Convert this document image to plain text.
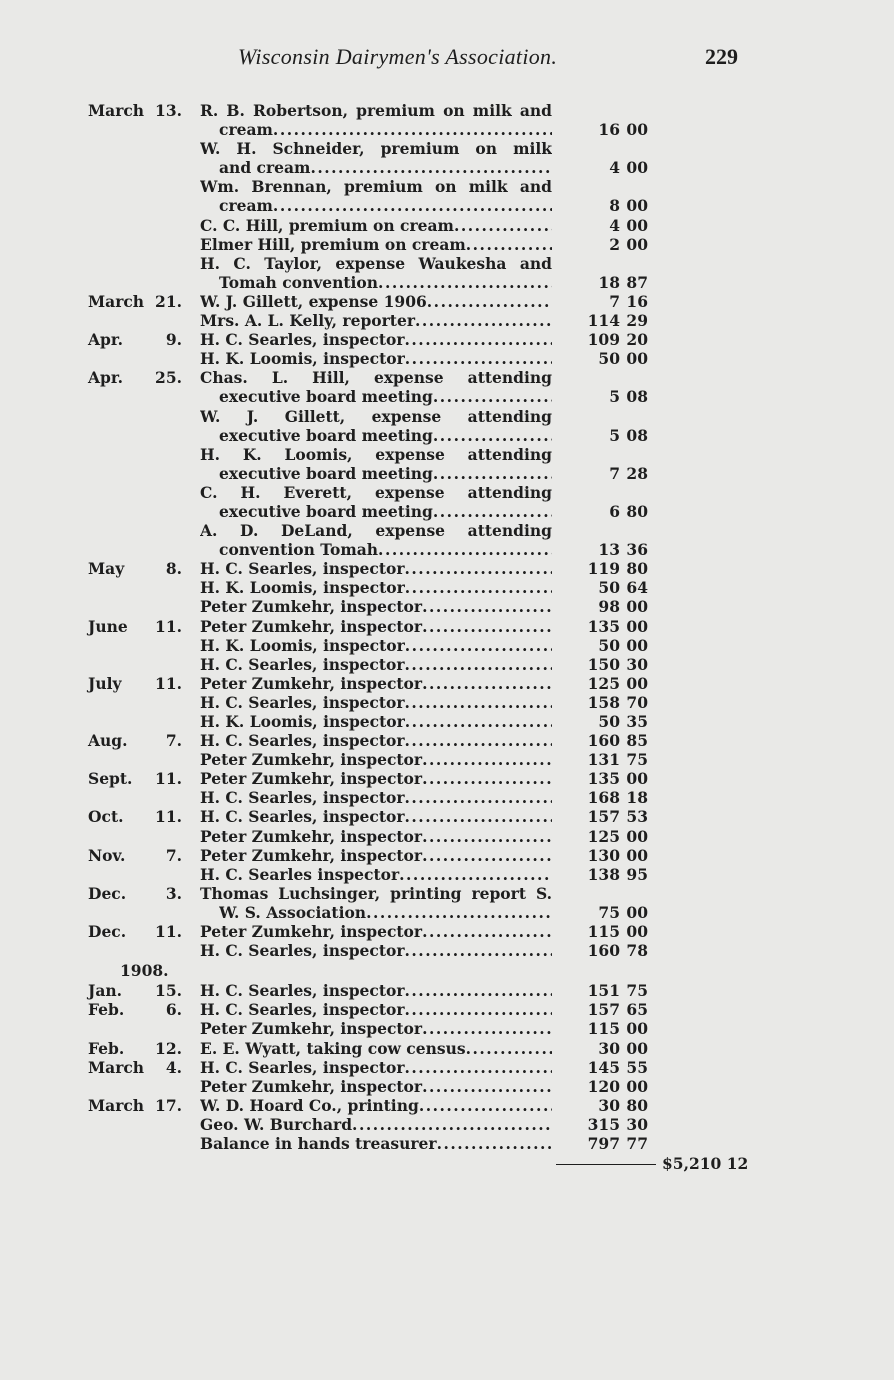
Wisconsin Dairymen's Association.	229
March 13. R. B. Robertson, premium on milk and
cream .....	16 00
W. H. Schneider, premium on milk
and cream .....	4 00
Wm. Brennan, premium on milk and
cream .....	8 00
C. C. Hill, premium on cream .....	4 00
Elmer Hill, premium on cream .....	2 00
H. C. Taylor, expense Waukesha and
Tomah convention .....	18 87
March 21. W. J. Gillett, expense 1906 .....	7 16
Mrs. A. L. Kelly, reporter .....	114 29
Apr.	9. H. C. Searles, inspector .....	109 20
H. K. Loomis, inspector .....	50 00
Apr.	25. Chas. L. Hill, expense attending
executive board meeting .....	5 08
W. J. Gillett, expense attending
executive board meeting .....	5 08
H. K. Loomis, expense attending
executive board meeting .....	7 28
C. H. Everett, expense attending
executive board meeting .....	6 80
A. D. DeLand, expense attending
convention Tomah .....	13 36
May	8. H. C. Searles, inspector .....	119 80
H. K. Loomis, inspector .....	50 64
Peter Zumkehr, inspector .....	98 00
June	11. Peter Zumkehr, inspector .....	135 00
H. K. Loomis, inspector .....	50 00
H. C. Searles, inspector .....	150 30
July	11. Peter Zumkehr, inspector .....	125 00
H. C. Searles, inspector .....	158 70
H. K. Loomis, inspector .....	50 35
Aug.	7. H. C. Searles, inspector .....	160 85
Peter Zumkehr, inspector .....	131 75
Sept.	11. Peter Zumkehr, inspector .....	135 00
H. C. Searles, inspector .....	168 18
Oct.	11. H. C. Searles, inspector .....	157 53
Peter Zumkehr, inspector .....	125 00
Nov.	7. Peter Zumkehr, inspector .....	130 00
H. C. Searles inspector .....	138 95
Dec.	3. Thomas Luchsinger, printing report S.
W. S. Association .....	75 00
Dec.	11. Peter Zumkehr, inspector .....	115 00
H. C. Searles, inspector .....	160 78
1908.
Jan.	15. H. C. Searles, inspector .....	151 75
Feb.	6. H. C. Searles, inspector .....	157 65
Peter Zumkehr, inspector .....	115 00
Feb.	12. E. E. Wyatt, taking cow census .....	30 00
March	4. H. C. Searles, inspector .....	145 55
Peter Zumkehr, inspector .....	120 00
March 17. W. D. Hoard Co., printing .....	30 80
Geo. W. Burchard .....	315 30
Balance in hands treasurer .....	797 77
$5,210 12
